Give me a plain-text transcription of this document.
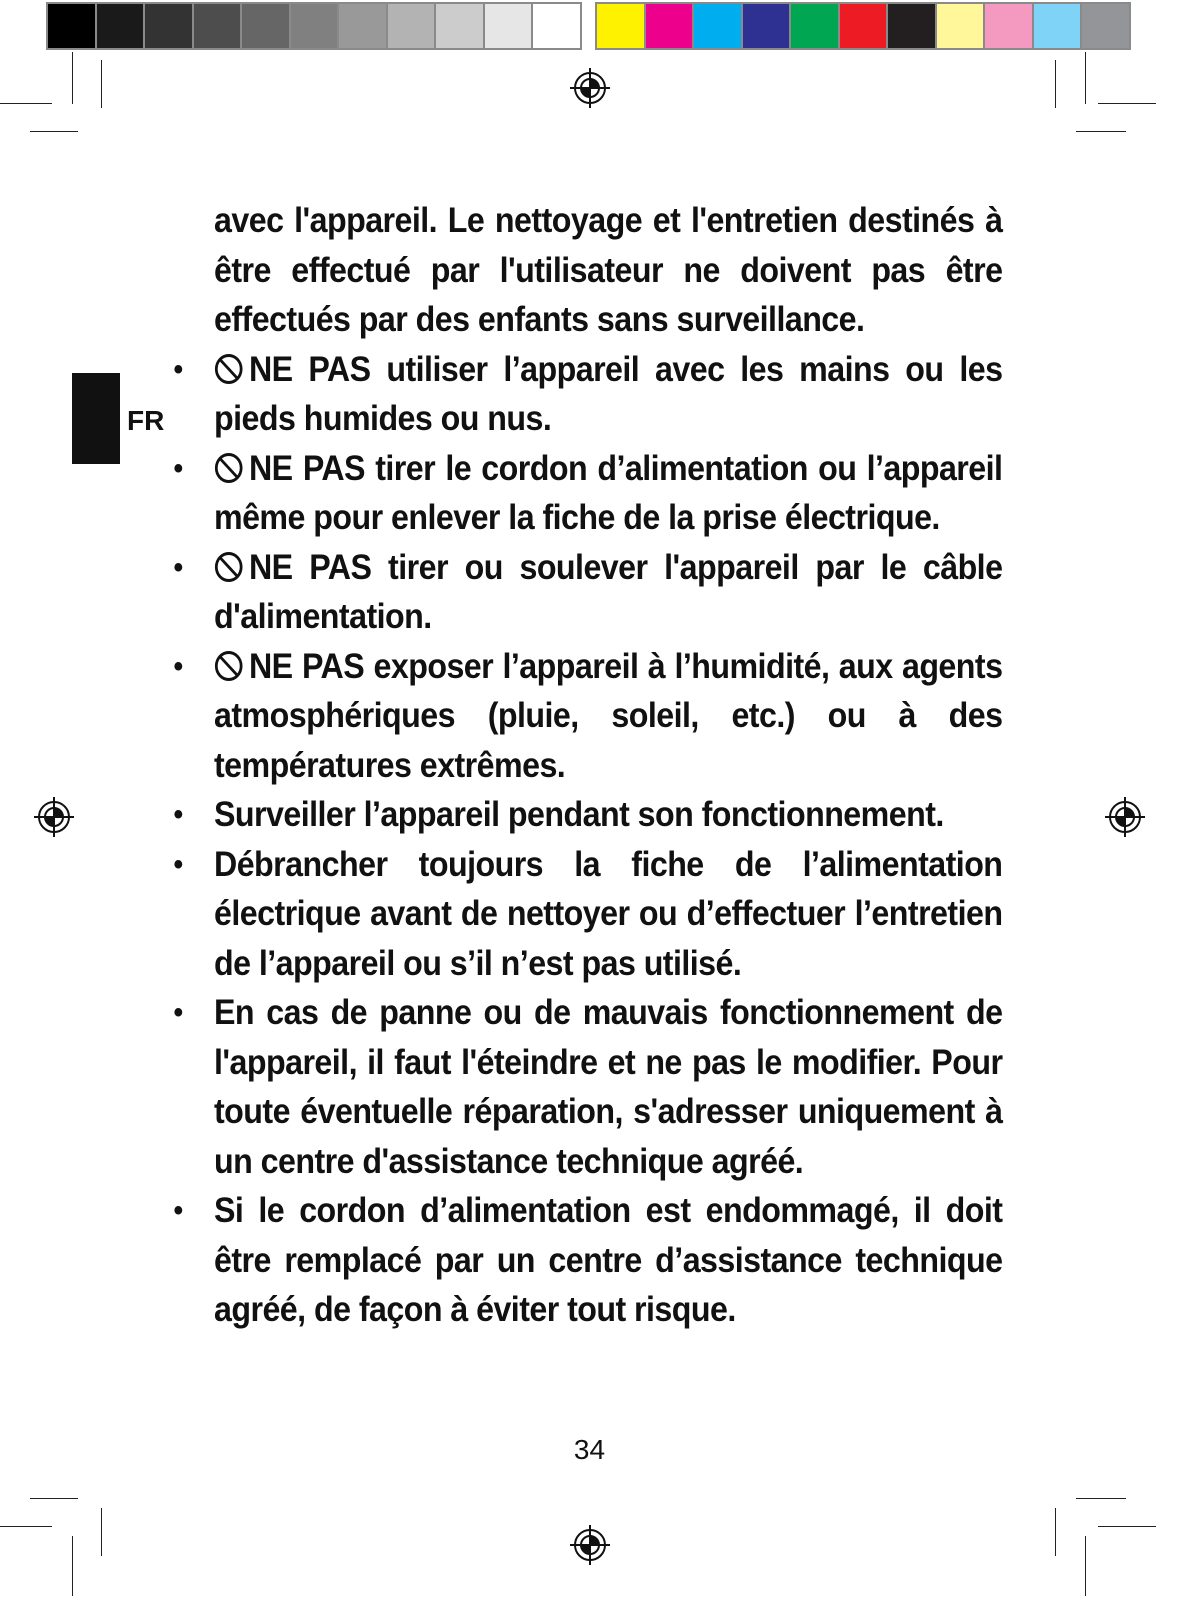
FR

avec l'appareil. Le nettoyage et l'entretien destinés à être effectué par l'utilisateur ne doivent pas être effectués par des enfants sans surveillance.

• NE PAS utiliser l’appareil avec les mains ou les pieds humides ou nus.
• NE PAS tirer le cordon d’alimentation ou l’appareil même pour enlever la fiche de la prise électrique.
• NE PAS tirer ou soulever l'appareil par le câble d'alimentation.
• NE PAS exposer l’appareil à l’humidité, aux agents atmosphériques (pluie, soleil, etc.) ou à des températures extrêmes.
• Surveiller l’appareil pendant son fonctionnement.
• Débrancher toujours la fiche de l’alimentation électrique avant de nettoyer ou d’effectuer l’entretien de l’appareil ou s’il n’est pas utilisé.
• En cas de panne ou de mauvais fonctionnement de l'appareil, il faut l'éteindre et ne pas le modifier. Pour toute éventuelle réparation, s'adresser uniquement à un centre d'assistance technique agréé.
• Si le cordon d’alimentation est endommagé, il doit être remplacé par un centre d’assistance technique agréé, de façon à éviter tout risque.
34
